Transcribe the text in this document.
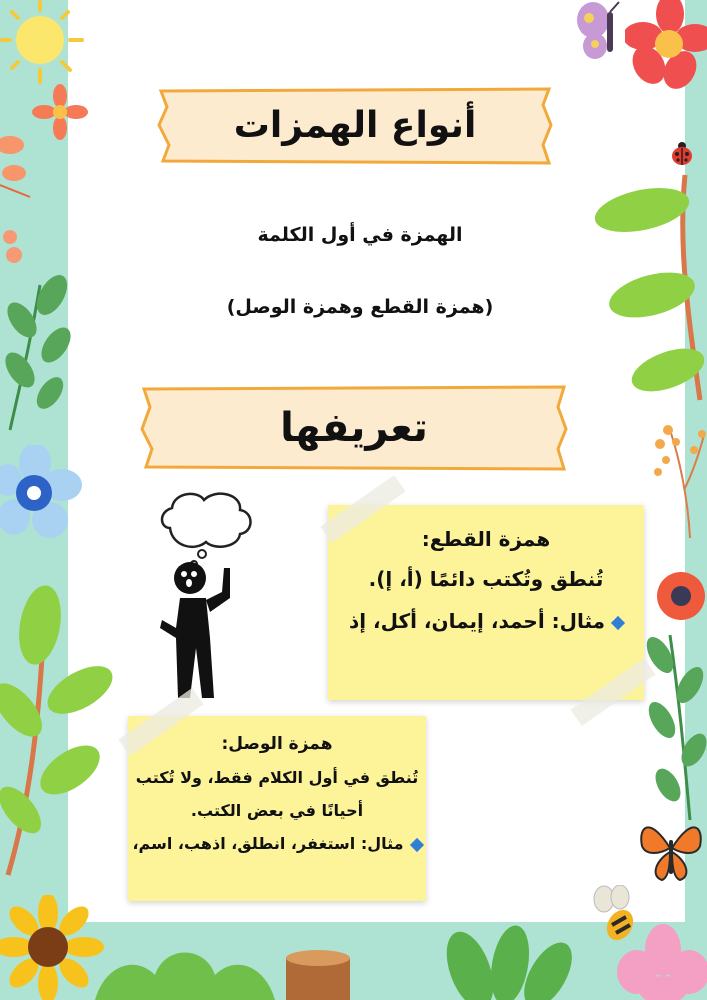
أنواع الهمزات
الهمزة في أول الكلمة
(همزة القطع وهمزة الوصل)
تعريفها

همزة القطع:

تُنطق وتُكتب دائمًا (أ، إ).

مثال: أحمد، إيمان، أكل، إذ

همزة الوصل:

تُنطق في أول الكلام فقط، ولا تُكتب

أحيانًا في بعض الكتب.

مثال: استغفر، انطلق، اذهب، اسم،
